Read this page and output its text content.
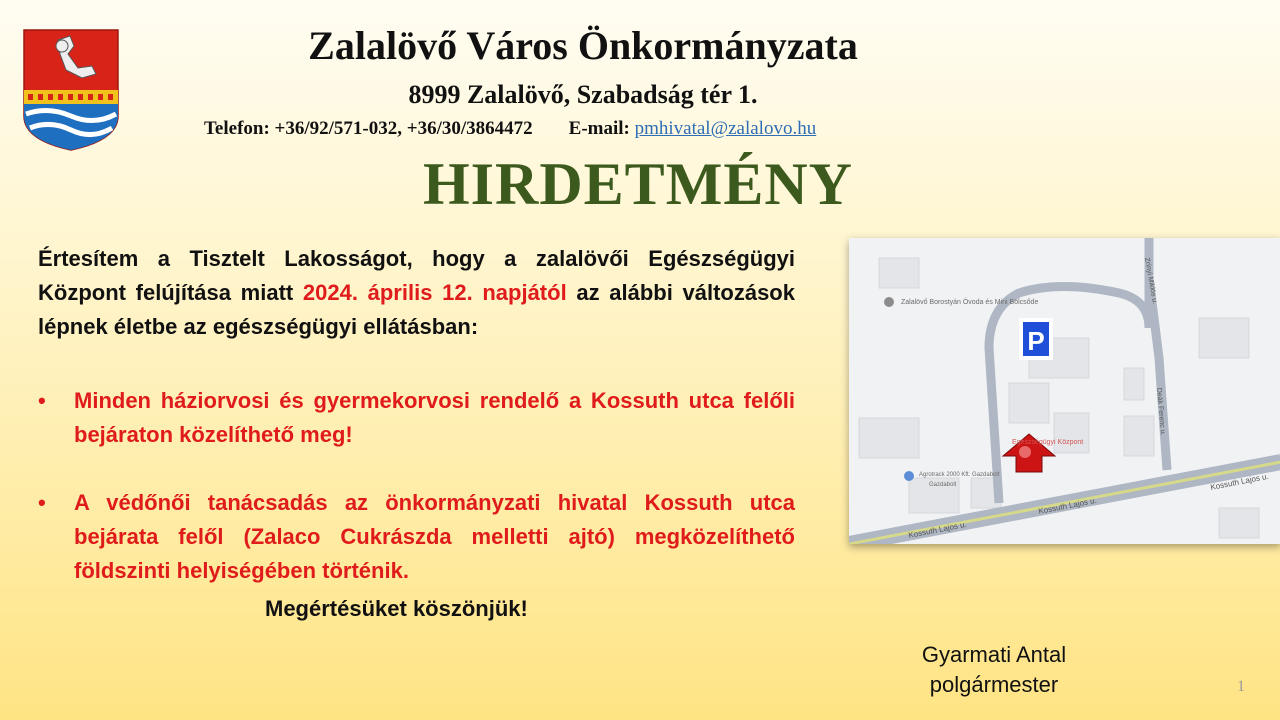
Zalalövő Város Önkormányzata
8999 Zalalövő, Szabadság tér 1.
Telefon: +36/92/571-032, +36/30/3864472 E-mail: pmhivatal@zalalovo.hu
HIRDETMÉNY
Értesítem a Tisztelt Lakosságot, hogy a zalalövői Egészségügyi Központ felújítása miatt 2024. április 12. napjától az alábbi változások lépnek életbe az egészségügyi ellátásban:
• Minden háziorvosi és gyermekorvosi rendelő a Kossuth utca felőli bejáraton közelíthető meg!
• A védőnői tanácsadás az önkormányzati hivatal Kossuth utca bejárata felől (Zalaco Cukrászda melletti ajtó) megközelíthető földszinti helyiségében történik.
Megértésüket köszönjük!
P
Zalalövő Borostyán Óvoda és Mini Bölcsőde
Egészségügyi Központ
Agrotrack 2000 Kft. Gazdabolt
Gazdabolt
Kossuth Lajos u.
Kossuth Lajos u.
Kossuth Lajos u.
Zrínyi Miklós u.
Deák Ferenc u.
Gyarmati Antal
polgármester	1
